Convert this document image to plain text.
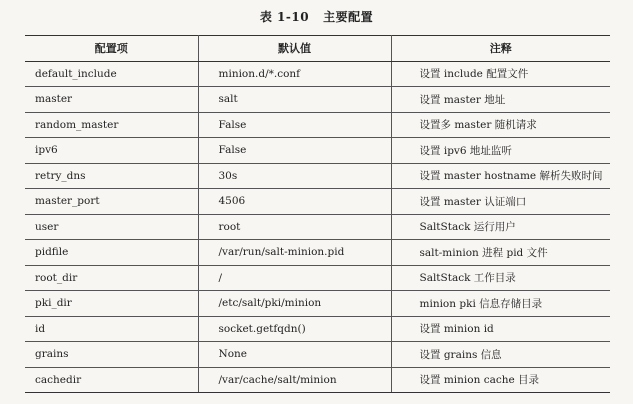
表 1-10 主要配置
配置项	默认值	注释
default_include	minion.d/*.conf	设置 include 配置文件
master	salt	设置 master 地址
random_master	False	设置多 master 随机请求
ipv6	False	设置 ipv6 地址监听
retry_dns	30s	设置 master hostname 解析失败时间
master_port	4506	设置 master 认证端口
user	root	SaltStack 运行用户
pidfile	/var/run/salt-minion.pid	salt-minion 进程 pid 文件
root_dir	/	SaltStack 工作目录
pki_dir	/etc/salt/pki/minion	minion pki 信息存储目录
id	socket.getfqdn()	设置 minion id
grains	None	设置 grains 信息
cachedir	/var/cache/salt/minion	设置 minion cache 目录
